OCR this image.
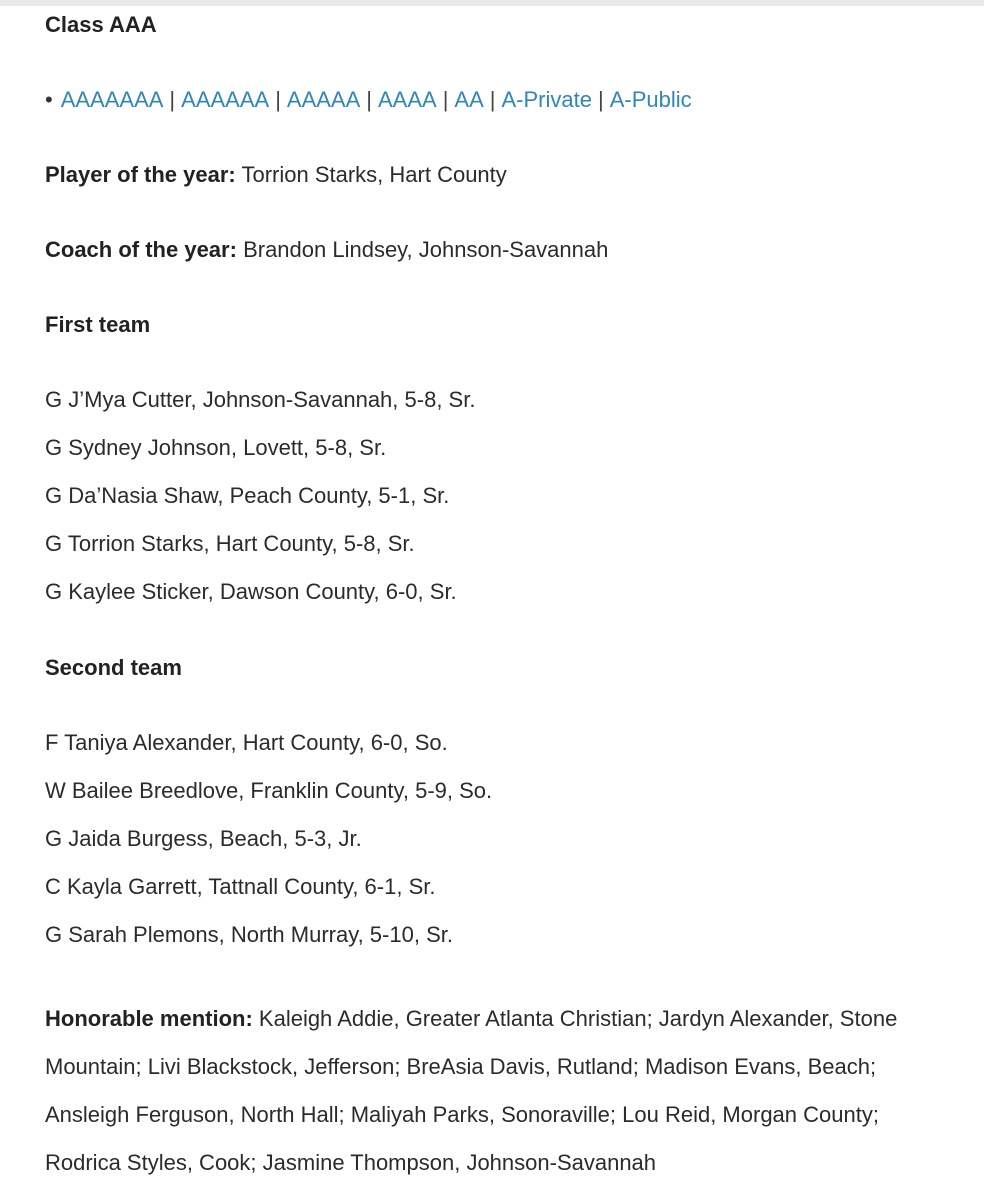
Class AAA
• AAAAAAA | AAAAAA | AAAAA | AAAA | AA | A-Private | A-Public
Player of the year: Torrion Starks, Hart County
Coach of the year: Brandon Lindsey, Johnson-Savannah
First team
G J’Mya Cutter, Johnson-Savannah, 5-8, Sr.
G Sydney Johnson, Lovett, 5-8, Sr.
G Da’Nasia Shaw, Peach County, 5-1, Sr.
G Torrion Starks, Hart County, 5-8, Sr.
G Kaylee Sticker, Dawson County, 6-0, Sr.
Second team
F Taniya Alexander, Hart County, 6-0, So.
W Bailee Breedlove, Franklin County, 5-9, So.
G Jaida Burgess, Beach, 5-3, Jr.
C Kayla Garrett, Tattnall County, 6-1, Sr.
G Sarah Plemons, North Murray, 5-10, Sr.
Honorable mention: Kaleigh Addie, Greater Atlanta Christian; Jardyn Alexander, Stone Mountain; Livi Blackstock, Jefferson; BreAsia Davis, Rutland; Madison Evans, Beach; Ansleigh Ferguson, North Hall; Maliyah Parks, Sonoraville; Lou Reid, Morgan County; Rodrica Styles, Cook; Jasmine Thompson, Johnson-Savannah
